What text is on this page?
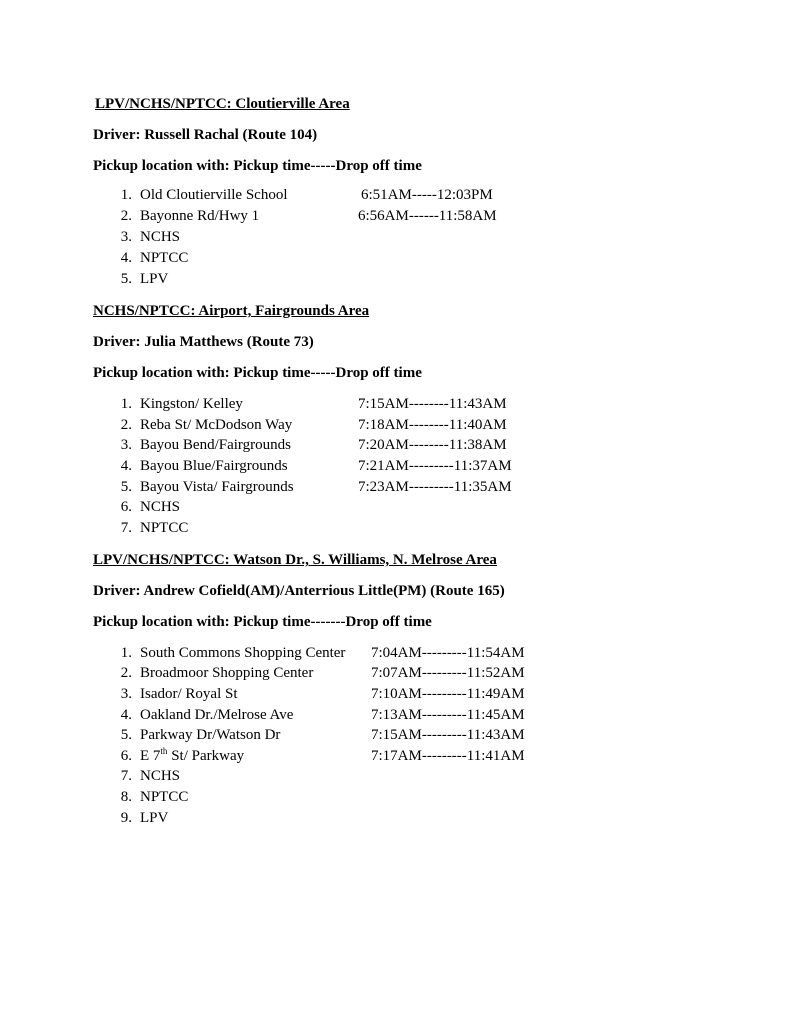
LPV/NCHS/NPTCC: Cloutierville Area
Driver: Russell Rachal (Route 104)
Pickup location with: Pickup time-----Drop off time
1. Old Cloutierville School	6:51AM-----12:03PM
2. Bayonne Rd/Hwy 1	6:56AM------11:58AM
3. NCHS
4. NPTCC
5. LPV
NCHS/NPTCC: Airport, Fairgrounds Area
Driver: Julia Matthews (Route 73)
Pickup location with: Pickup time-----Drop off time
1. Kingston/ Kelley	7:15AM--------11:43AM
2. Reba St/ McDodson Way	7:18AM--------11:40AM
3. Bayou Bend/Fairgrounds	7:20AM--------11:38AM
4. Bayou Blue/Fairgrounds	7:21AM---------11:37AM
5. Bayou Vista/ Fairgrounds	7:23AM---------11:35AM
6. NCHS
7. NPTCC
LPV/NCHS/NPTCC: Watson Dr., S. Williams, N. Melrose Area
Driver: Andrew Cofield(AM)/Anterrious Little(PM) (Route 165)
Pickup location with: Pickup time-------Drop off time
1. South Commons Shopping Center 7:04AM---------11:54AM
2. Broadmoor Shopping Center	7:07AM---------11:52AM
3. Isador/ Royal St	7:10AM---------11:49AM
4. Oakland Dr./Melrose Ave	7:13AM---------11:45AM
5. Parkway Dr/Watson Dr	7:15AM---------11:43AM
6. E 7th St/ Parkway	7:17AM---------11:41AM
7. NCHS
8. NPTCC
9. LPV
